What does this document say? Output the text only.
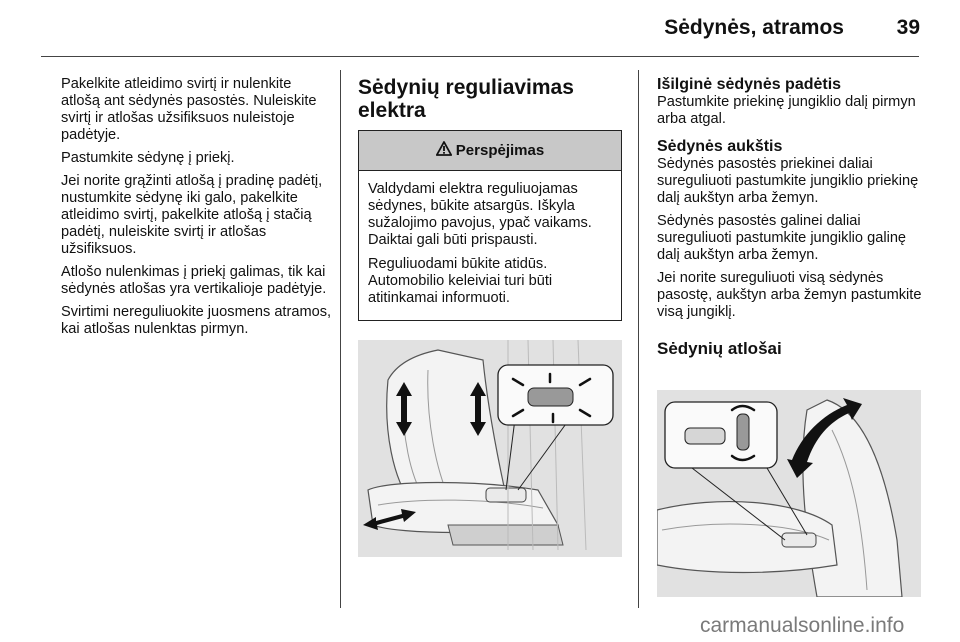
Sėdynės, atramos	39

Pakelkite atleidimo svirtį ir nulenkite atlošą ant sėdynės pasostės. Nuleiskite svirtį ir atlošas užsifiksuos nuleistoje padėtyje.

Pastumkite sėdynę į priekį.

Jei norite grąžinti atlošą į pradinę padėtį, nustumkite sėdynę iki galo, pakelkite atleidimo svirtį, pakelkite atlošą į stačią padėtį, nuleiskite svirtį ir atlošas užsifiksuos.

Atlošo nulenkimas į priekį galimas, tik kai sėdynės atlošas yra vertikalioje padėtyje.

Svirtimi nereguliuokite juosmens atramos, kai atlošas nulenktas pirmyn.

Sėdynių reguliavimas elektra
Perspėjimas

Valdydami elektra reguliuojamas sėdynes, būkite atsargūs. Iškyla sužalojimo pavojus, ypač vaikams. Daiktai gali būti prispausti.

Reguliuodami būkite atidūs. Automobilio keleiviai turi būti atitinkamai informuoti.

Išilginė sėdynės padėtis

Pastumkite priekinę jungiklio dalį pirmyn arba atgal.

Sėdynės aukštis

Sėdynės pasostės priekinei daliai sureguliuoti pastumkite jungiklio priekinę dalį aukštyn arba žemyn.

Sėdynės pasostės galinei daliai sureguliuoti pastumkite jungiklio galinę dalį aukštyn arba žemyn.

Jei norite sureguliuoti visą sėdynės pasostę, aukštyn arba žemyn pastumkite visą jungiklį.

Sėdynių atlošai
carmanualsonline.info
